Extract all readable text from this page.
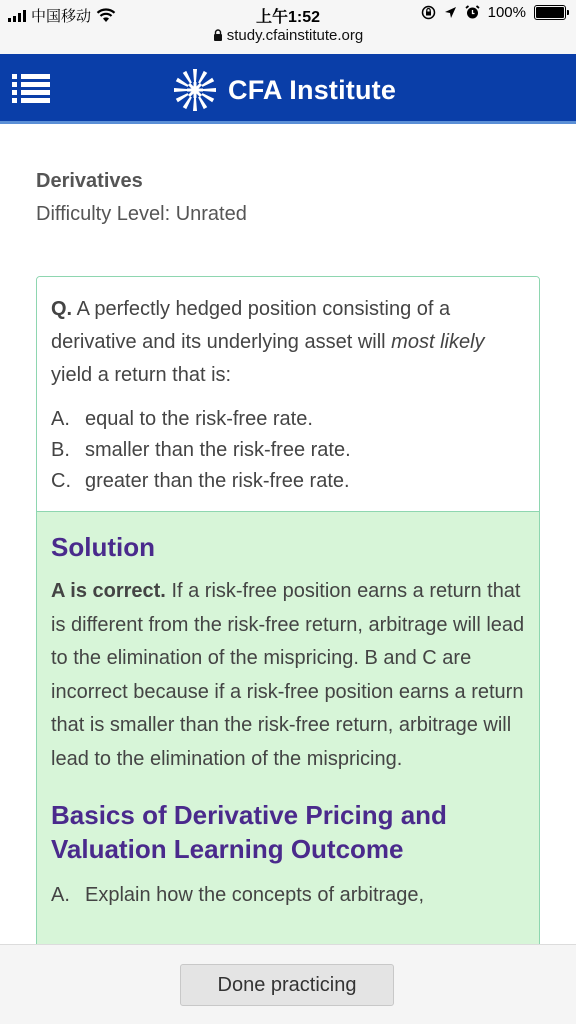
中国移动	上午1:52
study.cfainstitute.org
100%
CFA Institute
Derivatives
Difficulty Level: Unrated
Q. A perfectly hedged position consisting of a derivative and its underlying asset will most likely yield a return that is:
A. equal to the risk-free rate.
B. smaller than the risk-free rate.
C. greater than the risk-free rate.
Solution
A is correct. If a risk-free position earns a return that is different from the risk-free return, arbitrage will lead to the elimination of the mispricing. B and C are incorrect because if a risk-free position earns a return that is smaller than the risk-free return, arbitrage will lead to the elimination of the mispricing.
Basics of Derivative Pricing and Valuation Learning Outcome
A. Explain how the concepts of arbitrage,
Done practicing
